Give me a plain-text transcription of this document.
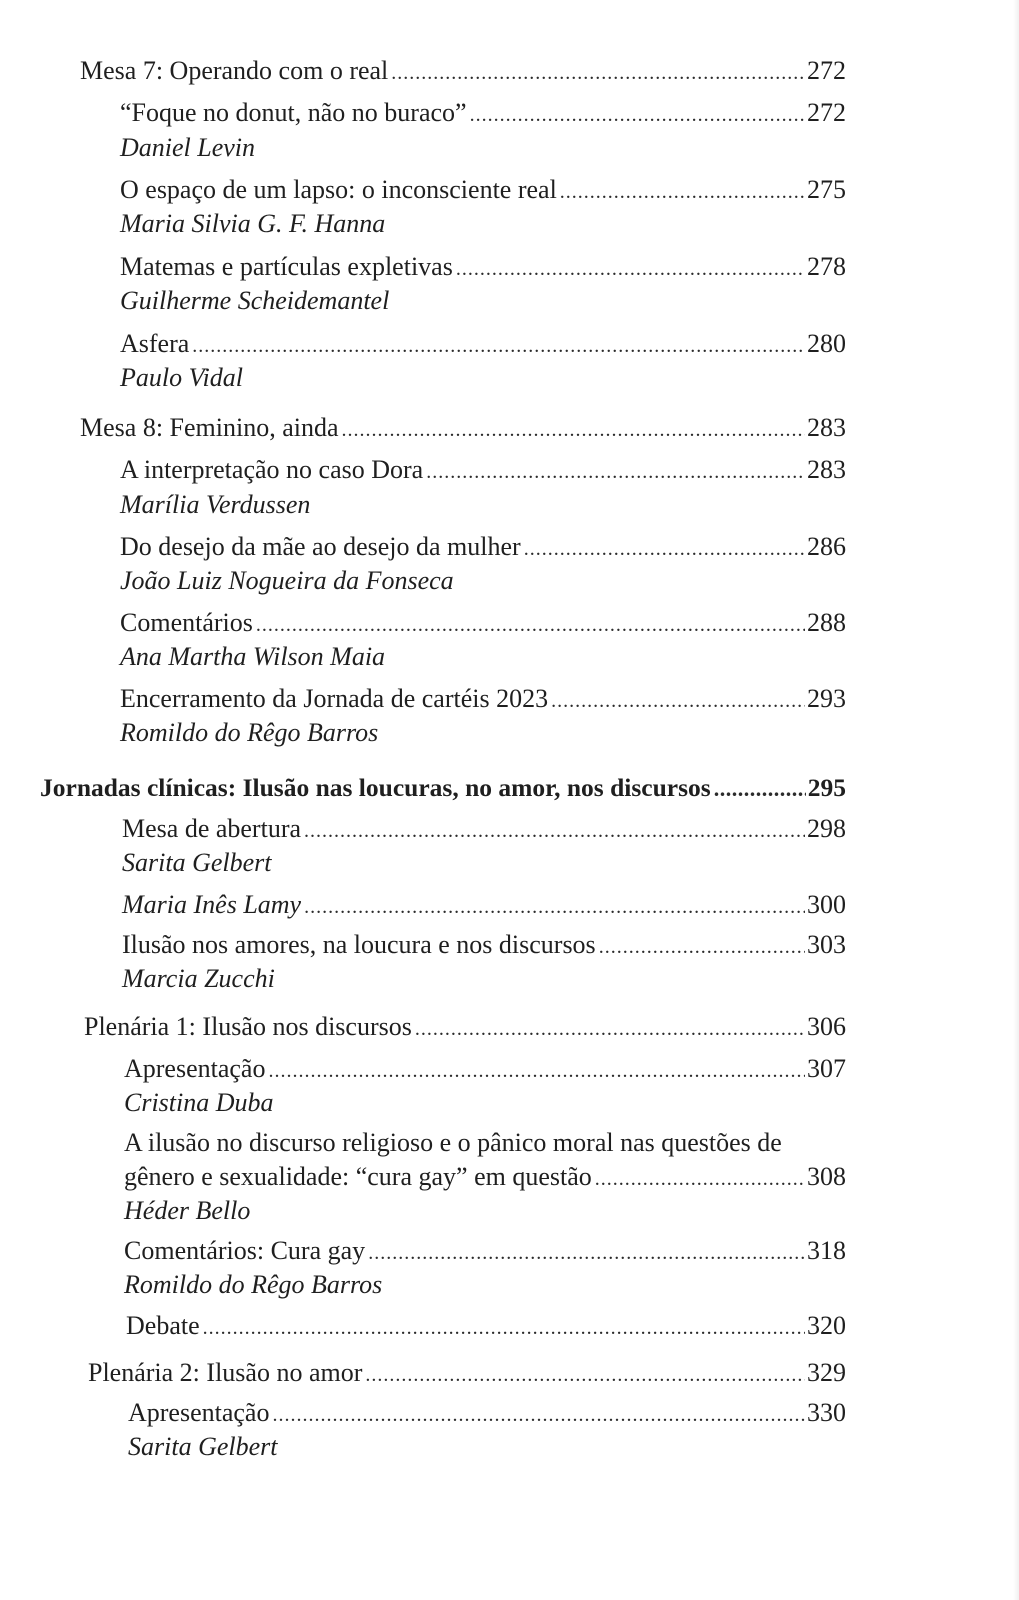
Mesa 7: Operando com o real .....	272
“Foque no donut, não no buraco” .....	272
Daniel Levin
O espaço de um lapso: o inconsciente real .....	275
Maria Silvia G. F. Hanna
Matemas e partículas expletivas .....	278
Guilherme Scheidemantel
Asfera .....	280
Paulo Vidal
Mesa 8: Feminino, ainda .....	283
A interpretação no caso Dora .....	283
Marília Verdussen
Do desejo da mãe ao desejo da mulher .....	286
João Luiz Nogueira da Fonseca
Comentários .....	288
Ana Martha Wilson Maia
Encerramento da Jornada de cartéis 2023 .....	293
Romildo do Rêgo Barros
Jornadas clínicas: Ilusão nas loucuras, no amor, nos discursos .....	295
Mesa de abertura .....	298
Sarita Gelbert
Maria Inês Lamy .....	300
Ilusão nos amores, na loucura e nos discursos .....	303
Marcia Zucchi
Plenária 1: Ilusão nos discursos .....	306
Apresentação .....	307
Cristina Duba
A ilusão no discurso religioso e o pânico moral nas questões de
gênero e sexualidade: “cura gay” em questão .....	308
Héder Bello
Comentários: Cura gay .....	318
Romildo do Rêgo Barros
Debate .....	320
Plenária 2: Ilusão no amor .....	329
Apresentação .....	330
Sarita Gelbert
